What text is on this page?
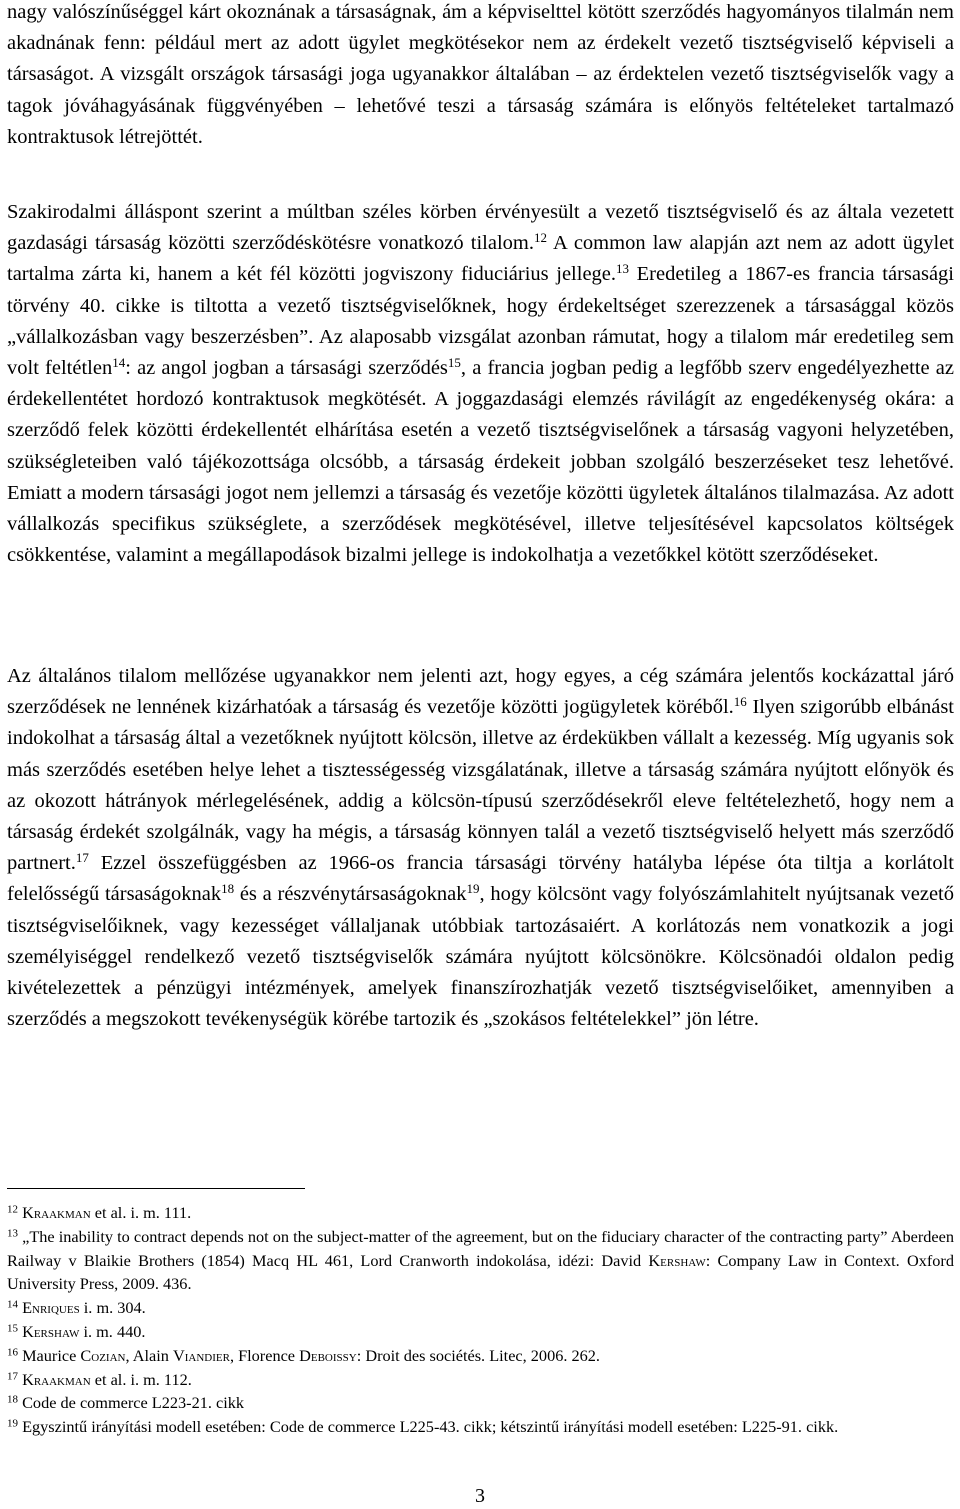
nagy valószínűséggel kárt okoznának a társaságnak, ám a képviselttel kötött szerződés hagyományos tilalmán nem akadnának fenn: például mert az adott ügylet megkötésekor nem az érdekelt vezető tisztségviselő képviseli a társaságot. A vizsgált országok társasági joga ugyanakkor általában – az érdektelen vezető tisztségviselők vagy a tagok jóváhagyásának függvényében – lehetővé teszi a társaság számára is előnyös feltételeket tartalmazó kontraktusok létrejöttét.

Szakirodalmi álláspont szerint a múltban széles körben érvényesült a vezető tisztségviselő és az általa vezetett gazdasági társaság közötti szerződéskötésre vonatkozó tilalom.$^{12}$ A common law alapján azt nem az adott ügylet tartalma zárta ki, hanem a két fél közötti jogviszony fiduciárius jellege.$^{13}$ Eredetileg a 1867-es francia társasági törvény 40. cikke is tiltotta a vezető tisztségviselőknek, hogy érdekeltséget szerezzenek a társasággal közös „vállalkozásban vagy beszerzésben”. Az alaposabb vizsgálat azonban rámutat, hogy a tilalom már eredetileg sem volt feltétlen$^{14}$: az angol jogban a társasági szerződés$^{15}$, a francia jogban pedig a legfőbb szerv engedélyezhette az érdekellentétet hordozó kontraktusok megkötését. A joggazdasági elemzés rávilágít az engedékenység okára: a szerződő felek közötti érdekellentét elhárítása esetén a vezető tisztségviselőnek a társaság vagyoni helyzetében, szükségleteiben való tájékozottsága olcsóbb, a társaság érdekeit jobban szolgáló beszerzéseket tesz lehetővé. Emiatt a modern társasági jogot nem jellemzi a társaság és vezetője közötti ügyletek általános tilalmazása. Az adott vállalkozás specifikus szükséglete, a szerződések megkötésével, illetve teljesítésével kapcsolatos költségek csökkentése, valamint a megállapodások bizalmi jellege is indokolhatja a vezetőkkel kötött szerződéseket.

Az általános tilalom mellőzése ugyanakkor nem jelenti azt, hogy egyes, a cég számára jelentős kockázattal járó szerződések ne lennének kizárhatóak a társaság és vezetője közötti jogügyletek köréből.$^{16}$ Ilyen szigorúbb elbánást indokolhat a társaság által a vezetőknek nyújtott kölcsön, illetve az érdekükben vállalt a kezesség. Míg ugyanis sok más szerződés esetében helye lehet a tisztességesség vizsgálatának, illetve a társaság számára nyújtott előnyök és az okozott hátrányok mérlegelésének, addig a kölcsön-típusú szerződésekről eleve feltételezhető, hogy nem a társaság érdekét szolgálnák, vagy ha mégis, a társaság könnyen talál a vezető tisztségviselő helyett más szerződő partnert.$^{17}$ Ezzel összefüggésben az 1966-os francia társasági törvény hatályba lépése óta tiltja a korlátolt felelősségű társaságoknak$^{18}$ és a részvénytársaságoknak$^{19}$, hogy kölcsönt vagy folyószámlahitelt nyújtsanak vezető tisztségviselőiknek, vagy kezességet vállaljanak utóbbiak tartozásaiért. A korlátozás nem vonatkozik a jogi személyiséggel rendelkező vezető tisztségviselők számára nyújtott kölcsönökre. Kölcsönadói oldalon pedig kivételezettek a pénzügyi intézmények, amelyek finanszírozhatják vezető tisztségviselőiket, amennyiben a szerződés a megszokott tevékenységük körébe tartozik és „szokásos feltételekkel” jön létre.

$^{12}$ Kraakman et al. i. m. 111.

$^{13}$ „The inability to contract depends not on the subject-matter of the agreement, but on the fiduciary character of the contracting party” Aberdeen Railway v Blaikie Brothers (1854) Macq HL 461, Lord Cranworth indokolása, idézi: David Kershaw: Company Law in Context. Oxford University Press, 2009. 436.

$^{14}$ Enriques i. m. 304.

$^{15}$ Kershaw i. m. 440.

$^{16}$ Maurice Cozian, Alain Viandier, Florence Deboissy: Droit des sociétés. Litec, 2006. 262.

$^{17}$ Kraakman et al. i. m. 112.

$^{18}$ Code de commerce L223-21. cikk

$^{19}$ Egyszintű irányítási modell esetében: Code de commerce L225-43. cikk; kétszintű irányítási modell esetében: L225-91. cikk.

3
